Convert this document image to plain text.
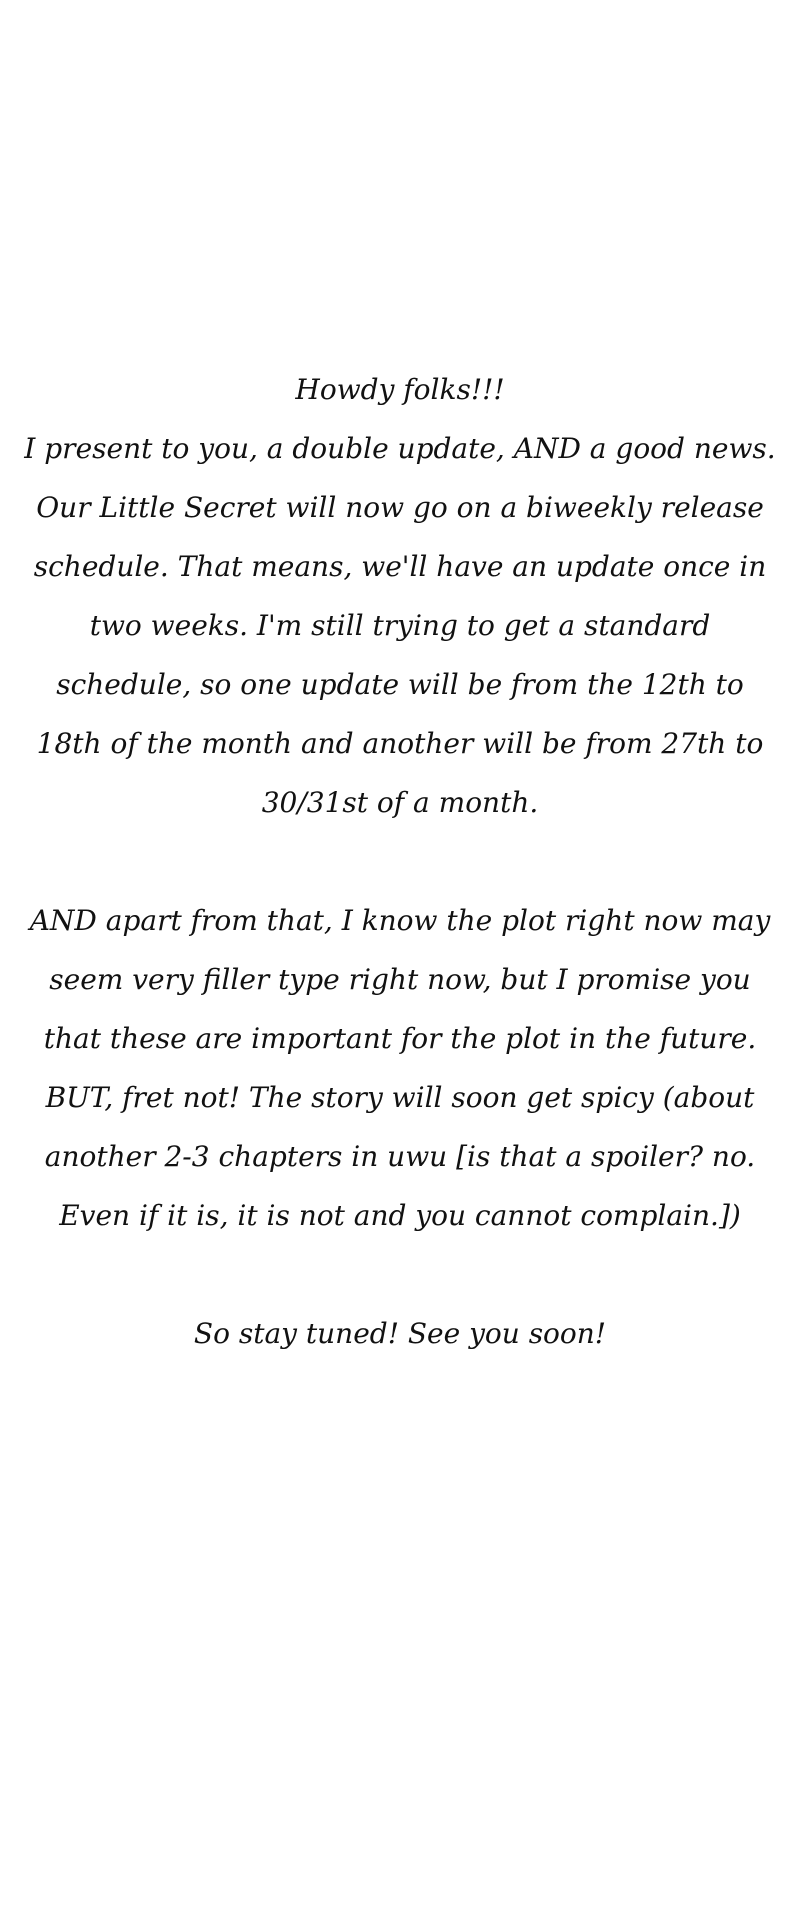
Howdy folks!!!

I present to you, a double update, AND a good news. Our Little Secret will now go on a biweekly release schedule. That means, we'll have an update once in two weeks. I'm still trying to get a standard schedule, so one update will be from the 12th to 18th of the month and another will be from 27th to 30/31st of a month.

AND apart from that, I know the plot right now may seem very filler type right now, but I promise you that these are important for the plot in the future. BUT, fret not! The story will soon get spicy (about another 2-3 chapters in uwu [is that a spoiler? no. Even if it is, it is not and you cannot complain.])

So stay tuned! See you soon!
